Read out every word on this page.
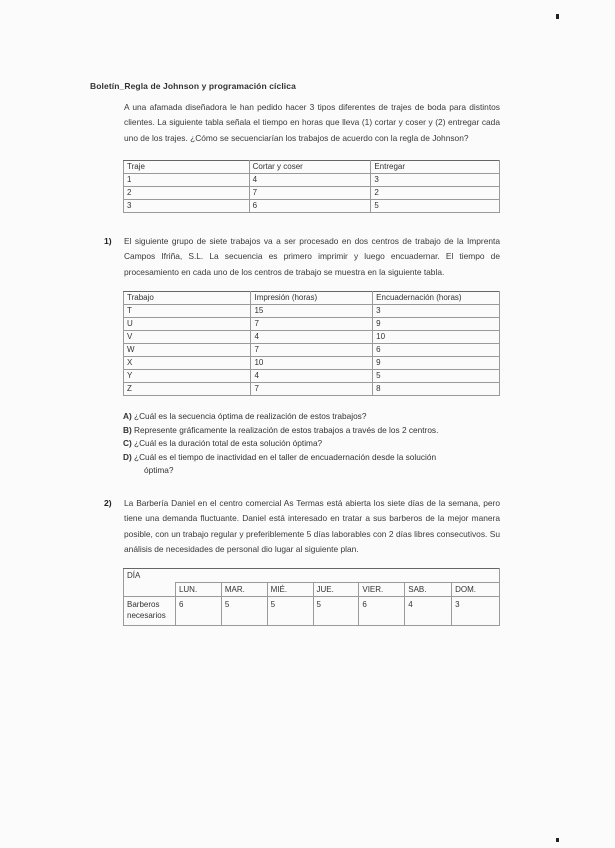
Boletín_Regla de Johnson y programación cíclica
A una afamada diseñadora le han pedido hacer 3 tipos diferentes de trajes de boda para distintos clientes. La siguiente tabla señala el tiempo en horas que lleva (1) cortar y coser y (2) entregar cada uno de los trajes. ¿Cómo se secuenciarían los trabajos de acuerdo con la regla de Johnson?
Traje	Cortar y coser	Entregar
1	4	3
2	7	2
3	6	5
1) El siguiente grupo de siete trabajos va a ser procesado en dos centros de trabajo de la Imprenta Campos Ifriña, S.L. La secuencia es primero imprimir y luego encuadernar. El tiempo de procesamiento en cada uno de los centros de trabajo se muestra en la siguiente tabla.
Trabajo	Impresión (horas)	Encuadernación (horas)
T	15	3
U	7	9
V	4	10
W	7	6
X	10	9
Y	4	5
Z	7	8
A) ¿Cuál es la secuencia óptima de realización de estos trabajos?
B) Represente gráficamente la realización de estos trabajos a través de los 2 centros.
C) ¿Cuál es la duración total de esta solución óptima?
D) ¿Cuál es el tiempo de inactividad en el taller de encuadernación desde la solución
óptima?
2) La Barbería Daniel en el centro comercial As Termas está abierta los siete días de la semana, pero tiene una demanda fluctuante. Daniel está interesado en tratar a sus barberos de la mejor manera posible, con un trabajo regular y preferiblemente 5 días laborables con 2 días libres consecutivos. Su análisis de necesidades de personal dio lugar al siguiente plan.
DÍA							
	LUN.	MAR.	MIÉ.	JUE.	VIER.	SAB.	DOM.
Barberos necesarios	6	5	5	5	6	4	3
